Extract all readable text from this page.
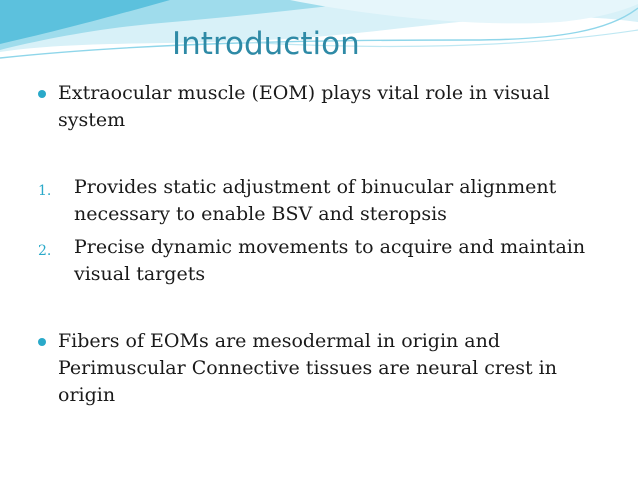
Introduction
Extraocular muscle (EOM) plays vital role in visual system
1. Provides static adjustment of binucular alignment necessary to enable BSV and steropsis
2. Precise dynamic movements to acquire and maintain visual targets
Fibers of EOMs are mesodermal in origin and Perimuscular Connective tissues are neural crest in origin
